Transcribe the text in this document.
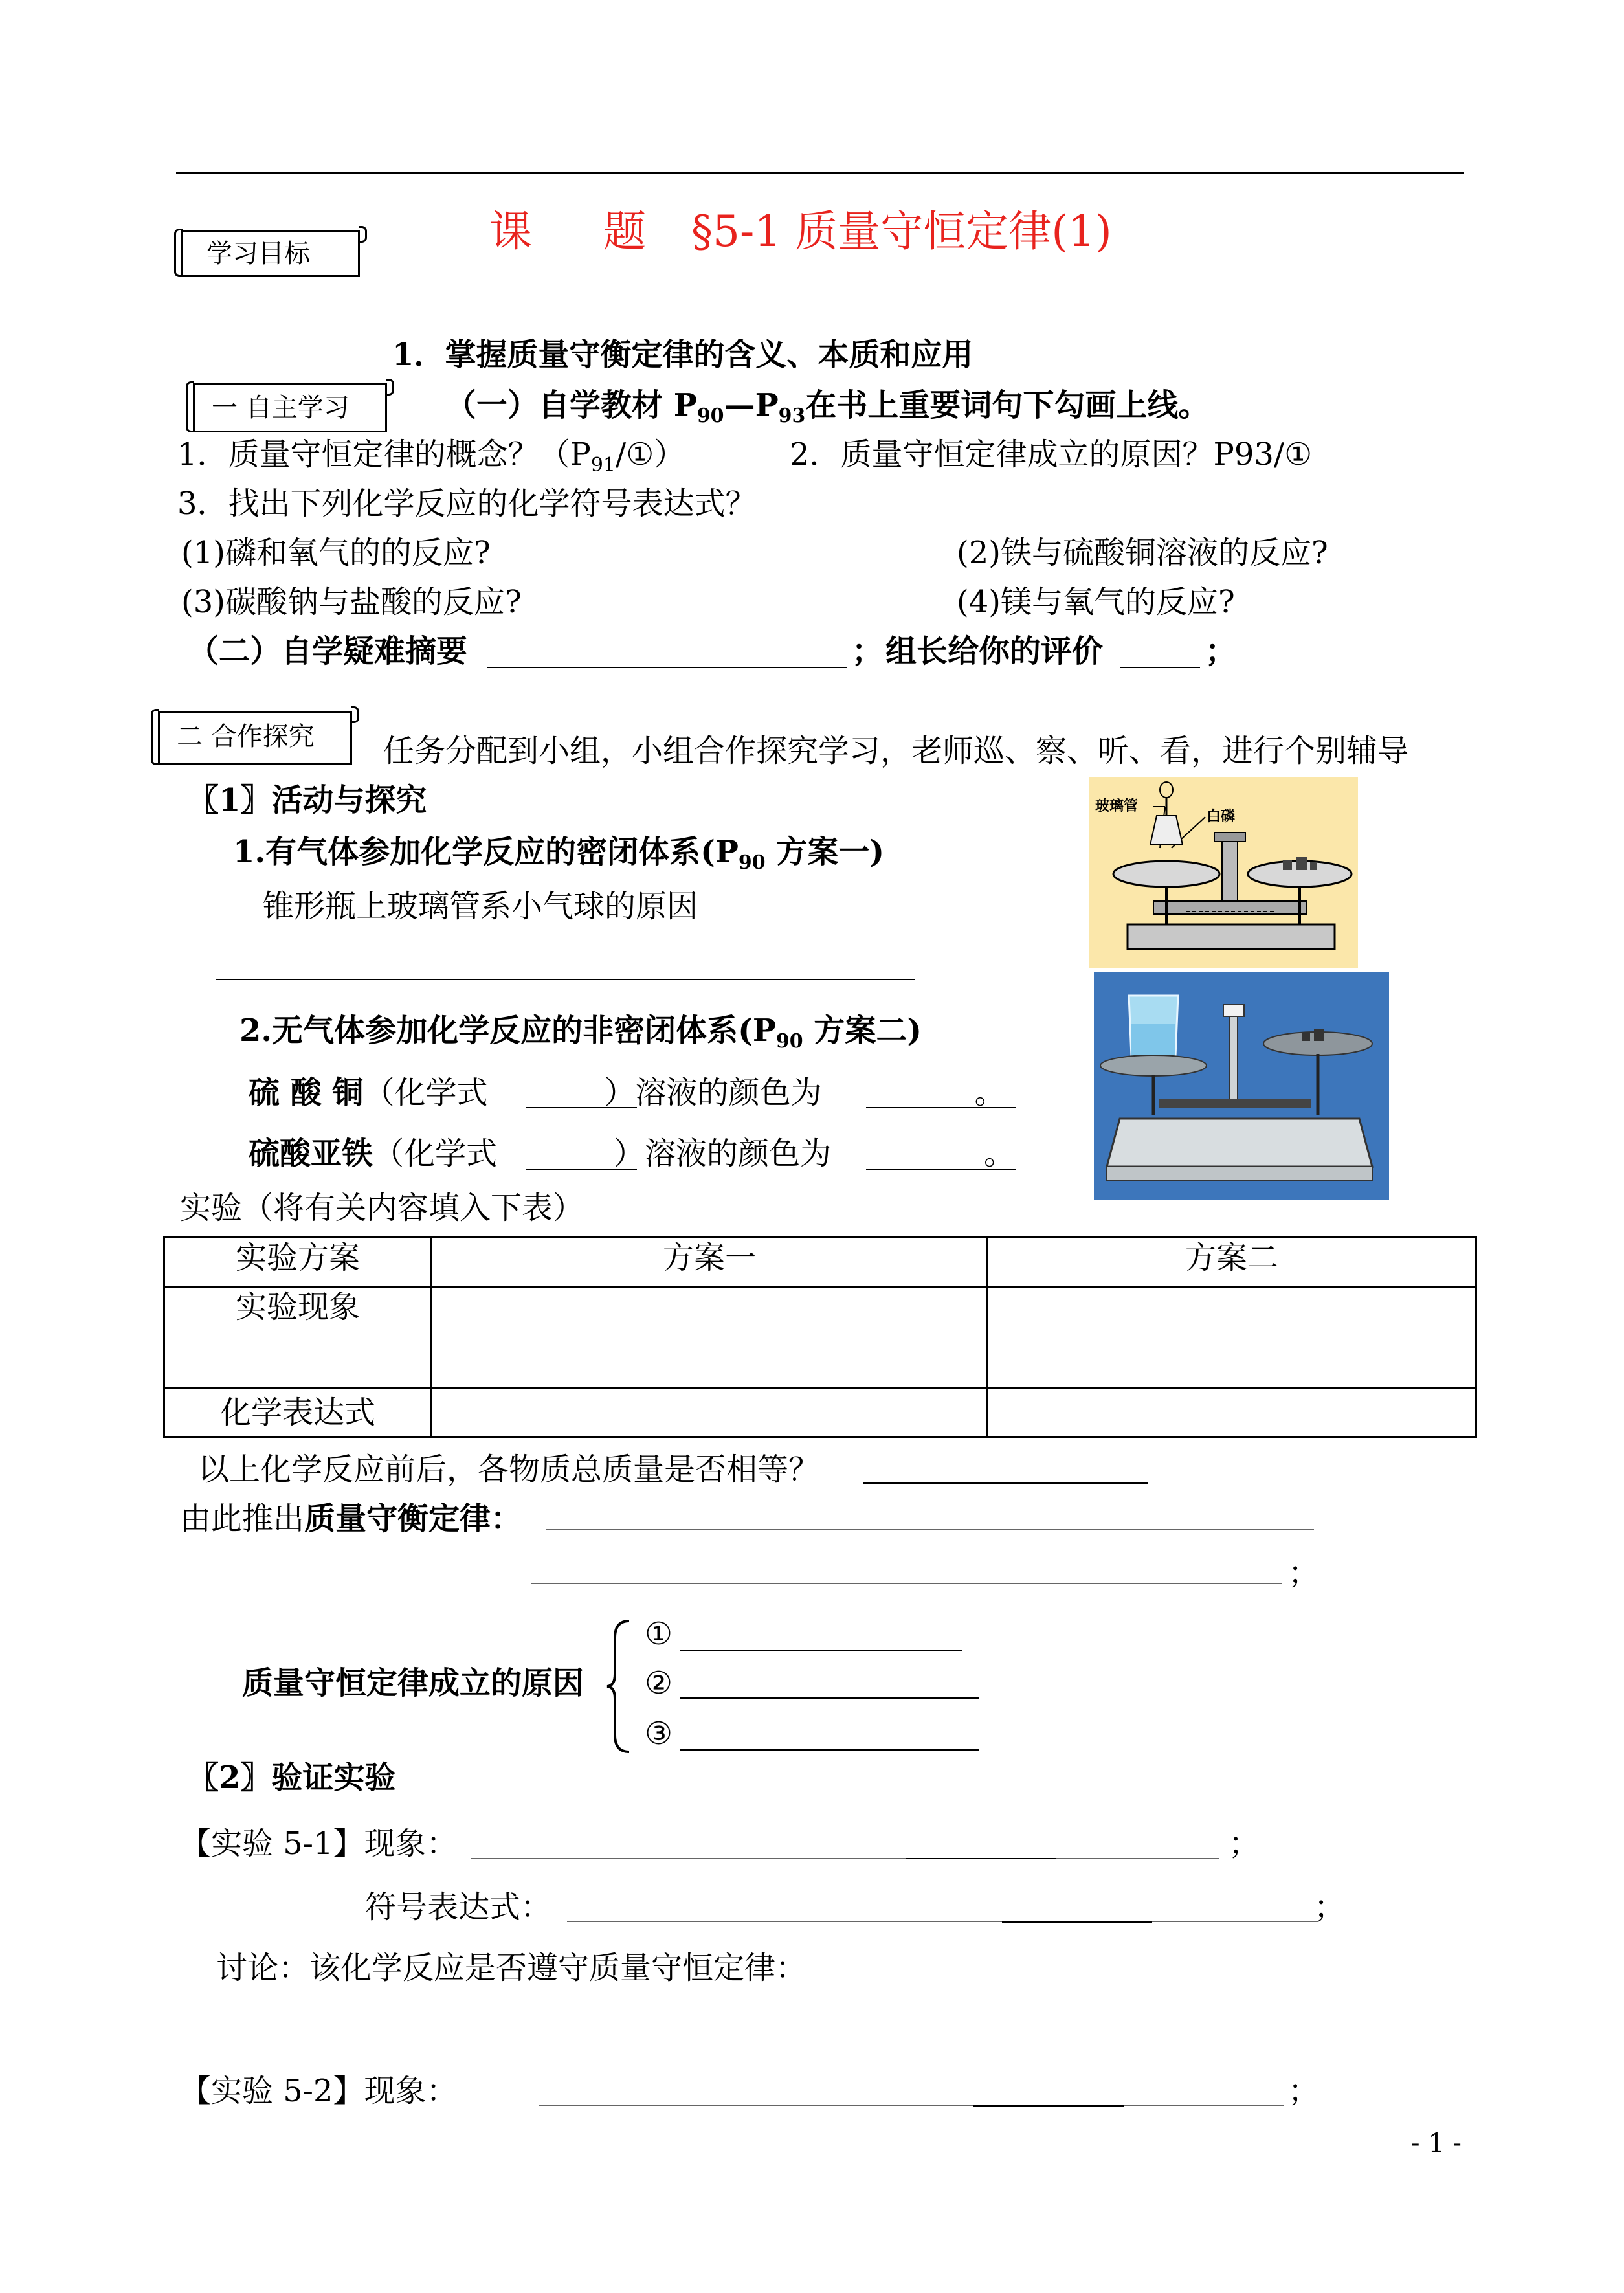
课 题 §5-1 质量守恒定律(1)
学习目标
一 自主学习
二 合作探究
1．掌握质量守衡定律的含义、本质和应用
（一）自学教材 $P_{90}—P_{93}$在书上重要词句下勾画上线。
1．质量守恒定律的概念？$(P_{91}/①)$	2．质量守恒定律成立的原因？P93/①
3．找出下列化学反应的化学符号表达式？
(1)磷和氧气的的反应?	(2)铁与硫酸铜溶液的反应?
(3)碳酸钠与盐酸的反应?	(4)镁与氧气的反应?
（二）自学疑难摘要	； 组长给你的评价	；
任务分配到小组，小组合作探究学习，老师巡、察、听、看，进行个别辅导
〖1〗活动与探究
1.有气体参加化学反应的密闭体系($P_{90}$ 方案一)
锥形瓶上玻璃管系小气球的原因
2.无气体参加化学反应的非密闭体系($P_{90}$ 方案二)
硫 酸 铜（化学式	）溶液的颜色为	。
硫酸亚铁（化学式	）溶液的颜色为	。
玻璃管
白磷
实验（将有关内容填入下表）
实验方案	方案一	方案二
实验现象		
化学表达式		
以上化学反应前后，各物质总质量是否相等？
由此推出质量守衡定律：
；
质量守恒定律成立的原因
①
②
③
〖2〗验证实验
【实验 5-1】现象：	；
符号表达式：	；
讨论：该化学反应是否遵守质量守恒定律：
【实验 5-2】现象：	；
- 1 -
